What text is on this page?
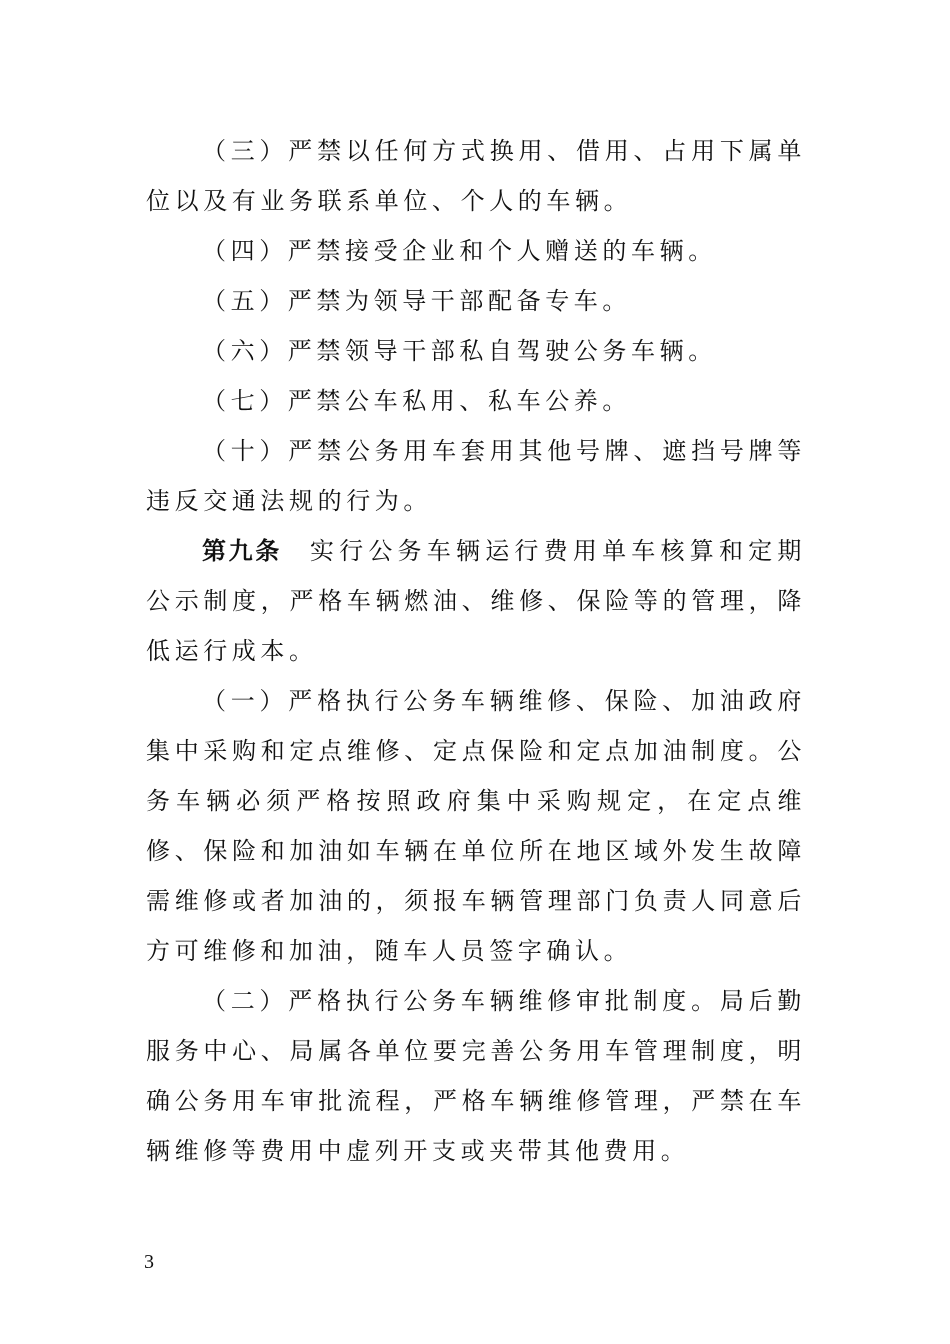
（三）严禁以任何方式换用、借用、占用下属单位以及有业务联系单位、个人的车辆。

（四）严禁接受企业和个人赠送的车辆。

（五）严禁为领导干部配备专车。

（六）严禁领导干部私自驾驶公务车辆。

（七）严禁公车私用、私车公养。

（十）严禁公务用车套用其他号牌、遮挡号牌等违反交通法规的行为。

第九条 实行公务车辆运行费用单车核算和定期公示制度，严格车辆燃油、维修、保险等的管理，降低运行成本。

（一）严格执行公务车辆维修、保险、加油政府集中采购和定点维修、定点保险和定点加油制度。公务车辆必须严格按照政府集中采购规定，在定点维修、保险和加油如车辆在单位所在地区域外发生故障需维修或者加油的，须报车辆管理部门负责人同意后方可维修和加油，随车人员签字确认。

（二）严格执行公务车辆维修审批制度。局后勤服务中心、局属各单位要完善公务用车管理制度，明确公务用车审批流程，严格车辆维修管理，严禁在车辆维修等费用中虚列开支或夹带其他费用。

3
